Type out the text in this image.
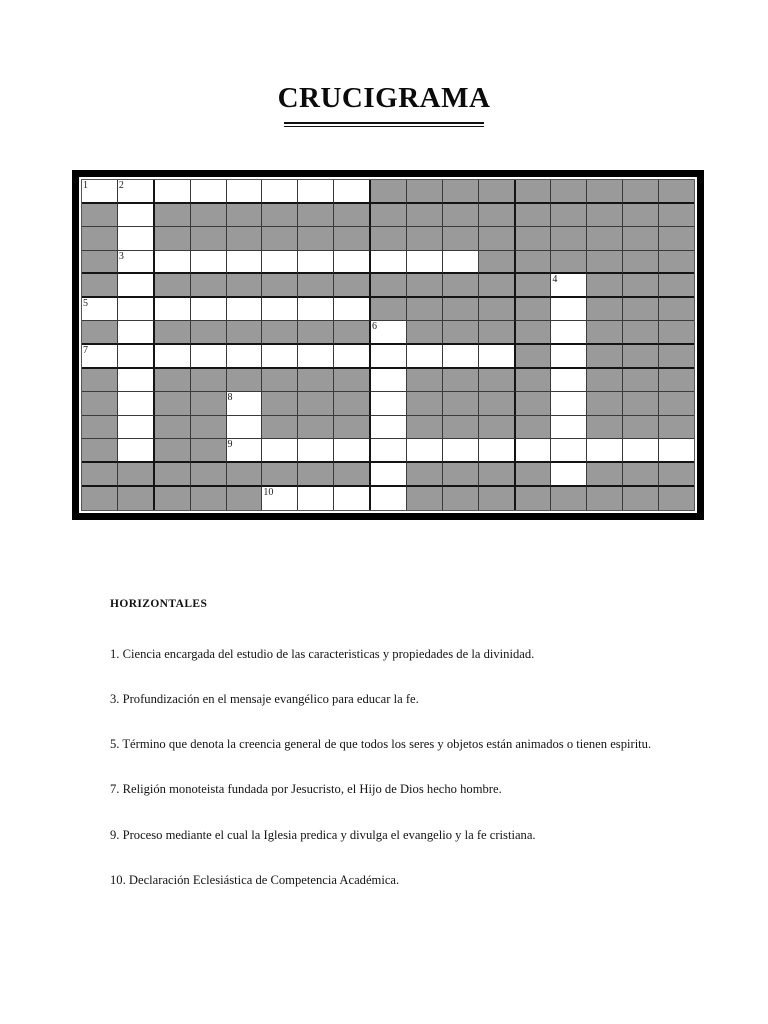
CRUCIGRAMA
1	2
3
4
5
6
7
8
9
10
HORIZONTALES
1. Ciencia encargada del estudio de las caracteristicas y propiedades de la divinidad.
3. Profundización en el mensaje evangélico para educar la fe.
5. Término que denota la creencia general de que todos los seres y objetos están animados o tienen espiritu.
7. Religión monoteista fundada por Jesucristo, el Hijo de Dios hecho hombre.
9. Proceso mediante el cual la Iglesia predica y divulga el evangelio y la fe cristiana.
10. Declaración Eclesiástica de Competencia Académica.
